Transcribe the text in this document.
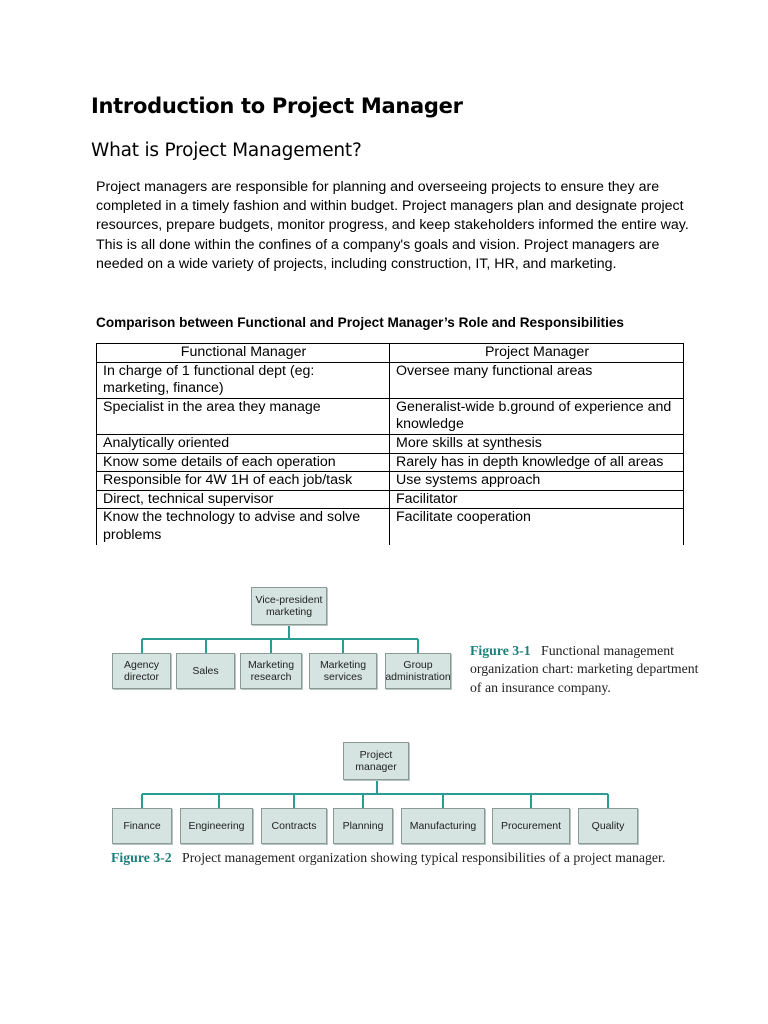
Introduction to Project Manager
What is Project Management?

Project managers are responsible for planning and overseeing projects to ensure they are completed in a timely fashion and within budget. Project managers plan and designate project resources, prepare budgets, monitor progress, and keep stakeholders informed the entire way. This is all done within the confines of a company's goals and vision. Project managers are needed on a wide variety of projects, including construction, IT, HR, and marketing.

Comparison between Functional and Project Manager’s Role and Responsibilities

Functional Manager	Project Manager
In charge of 1 functional dept (eg: marketing, finance)	Oversee many functional areas
Specialist in the area they manage	Generalist-wide b.ground of experience and knowledge
Analytically oriented	More skills at synthesis
Know some details of each operation	Rarely has in depth knowledge of all areas
Responsible for 4W 1H of each job/task	Use systems approach
Direct, technical supervisor	Facilitator
Know the technology to advise and solve problems	Facilitate cooperation
Vice-president marketing
Agency director	Sales	Marketing research
Marketing services
Group administration

Figure 3-1 Functional management organization chart: marketing department of an insurance company.

Project manager
Finance	Engineering	Contracts	Planning	Manufacturing	Procurement	Quality

Figure 3-2 Project management organization showing typical responsibilities of a project manager.
